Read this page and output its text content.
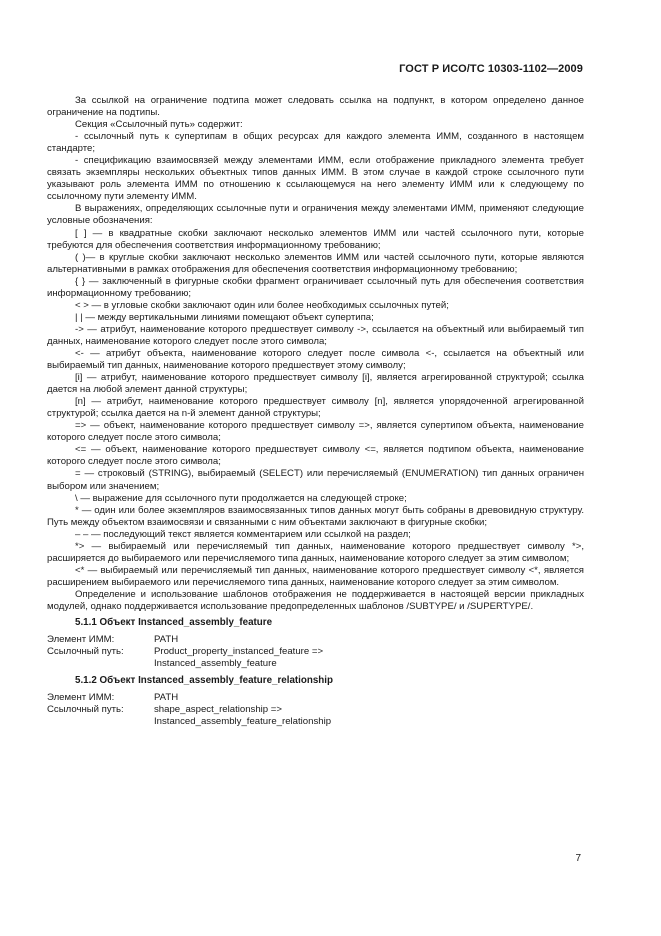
ГОСТ Р ИСО/ТС 10303-1102—2009

За ссылкой на ограничение подтипа может следовать ссылка на подпункт, в котором определено данное ограничение на подтипы.

Секция «Ссылочный путь» содержит:

- ссылочный путь к супертипам в общих ресурсах для каждого элемента ИММ, созданного в настоящем стандарте;

- спецификацию взаимосвязей между элементами ИММ, если отображение прикладного элемента требует связать экземпляры нескольких объектных типов данных ИММ. В этом случае в каждой строке ссылочного пути указывают роль элемента ИММ по отношению к ссылающемуся на него элементу ИММ или к следующему по ссылочному пути элементу ИММ.

В выражениях, определяющих ссылочные пути и ограничения между элементами ИММ, применяют следующие условные обозначения:

[ ] — в квадратные скобки заключают несколько элементов ИММ или частей ссылочного пути, которые требуются для обеспечения соответствия информационному требованию;

( )— в круглые скобки заключают несколько элементов ИММ или частей ссылочного пути, которые являются альтернативными в рамках отображения для обеспечения соответствия информационному требованию;

{ } — заключенный в фигурные скобки фрагмент ограничивает ссылочный путь для обеспечения соответствия информационному требованию;

< > — в угловые скобки заключают один или более необходимых ссылочных путей;

| | — между вертикальными линиями помещают объект супертипа;

-> — атрибут, наименование которого предшествует символу ->, ссылается на объектный или выбираемый тип данных, наименование которого следует после этого символа;

<- — атрибут объекта, наименование которого следует после символа <-, ссылается на объектный или выбираемый тип данных, наименование которого предшествует этому символу;

[i] — атрибут, наименование которого предшествует символу [i], является агрегированной структурой; ссылка дается на любой элемент данной структуры;

[n] — атрибут, наименование которого предшествует символу [n], является упорядоченной агрегированной структурой; ссылка дается на n-й элемент данной структуры;

=> — объект, наименование которого предшествует символу =>, является супертипом объекта, наименование которого следует после этого символа;

<= — объект, наименование которого предшествует символу <=, является подтипом объекта, наименование которого следует после этого символа;

= — строковый (STRING), выбираемый (SELECT) или перечисляемый (ENUMERATION) тип данных ограничен выбором или значением;

\ — выражение для ссылочного пути продолжается на следующей строке;

* — один или более экземпляров взаимосвязанных типов данных могут быть собраны в древовидную структуру. Путь между объектом взаимосвязи и связанными с ним объектами заключают в фигурные скобки;

– – — последующий текст является комментарием или ссылкой на раздел;

*> — выбираемый или перечисляемый тип данных, наименование которого предшествует символу *>, расширяется до выбираемого или перечисляемого типа данных, наименование которого следует за этим символом;

<* — выбираемый или перечисляемый тип данных, наименование которого предшествует символу <*, является расширением выбираемого или перечисляемого типа данных, наименование которого следует за этим символом.

Определение и использование шаблонов отображения не поддерживается в настоящей версии прикладных модулей, однако поддерживается использование предопределенных шаблонов /SUBTYPE/ и /SUPERTYPE/.

5.1.1 Объект Instanced_assembly_feature
Элемент ИММ:	PATH
Ссылочный путь:	Product_property_instanced_feature =>
Instanced_assembly_feature
5.1.2 Объект Instanced_assembly_feature_relationship
Элемент ИММ:	PATH
Ссылочный путь:	shape_aspect_relationship =>
Instanced_assembly_feature_relationship
7
